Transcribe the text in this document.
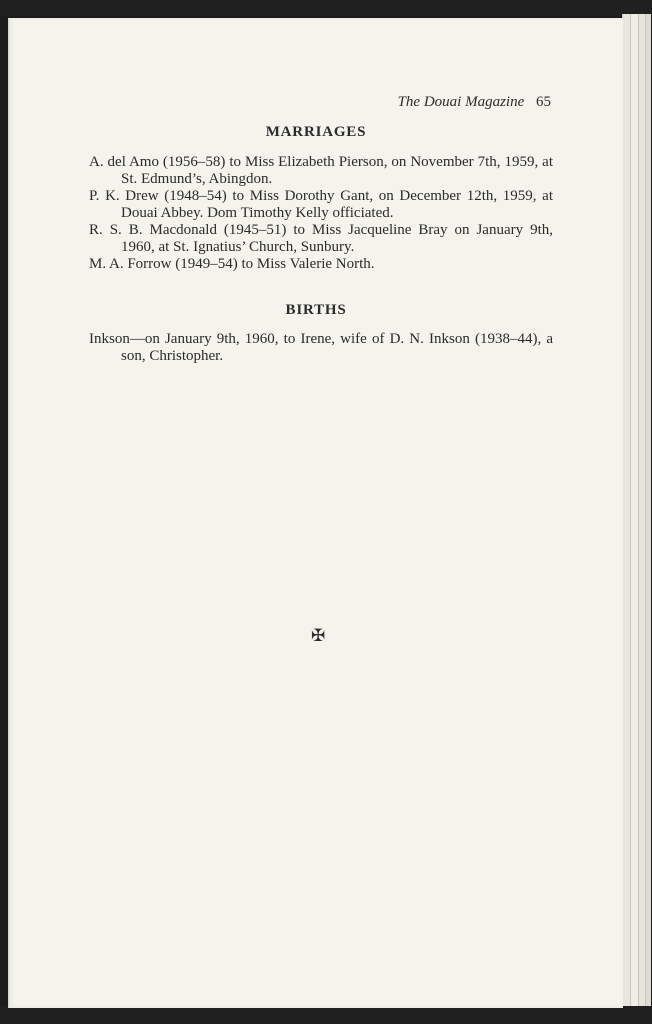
The Douai Magazine 65
MARRIAGES

A. del Amo (1956–58) to Miss Elizabeth Pierson, on November 7th, 1959, at St. Edmund’s, Abingdon.

P. K. Drew (1948–54) to Miss Dorothy Gant, on December 12th, 1959, at Douai Abbey. Dom Timothy Kelly officiated.

R. S. B. Macdonald (1945–51) to Miss Jacqueline Bray on January 9th, 1960, at St. Ignatius’ Church, Sunbury.

M. A. Forrow (1949–54) to Miss Valerie North.

BIRTHS

Inkson—on January 9th, 1960, to Irene, wife of D. N. Inkson (1938–44), a son, Christopher.

✠
